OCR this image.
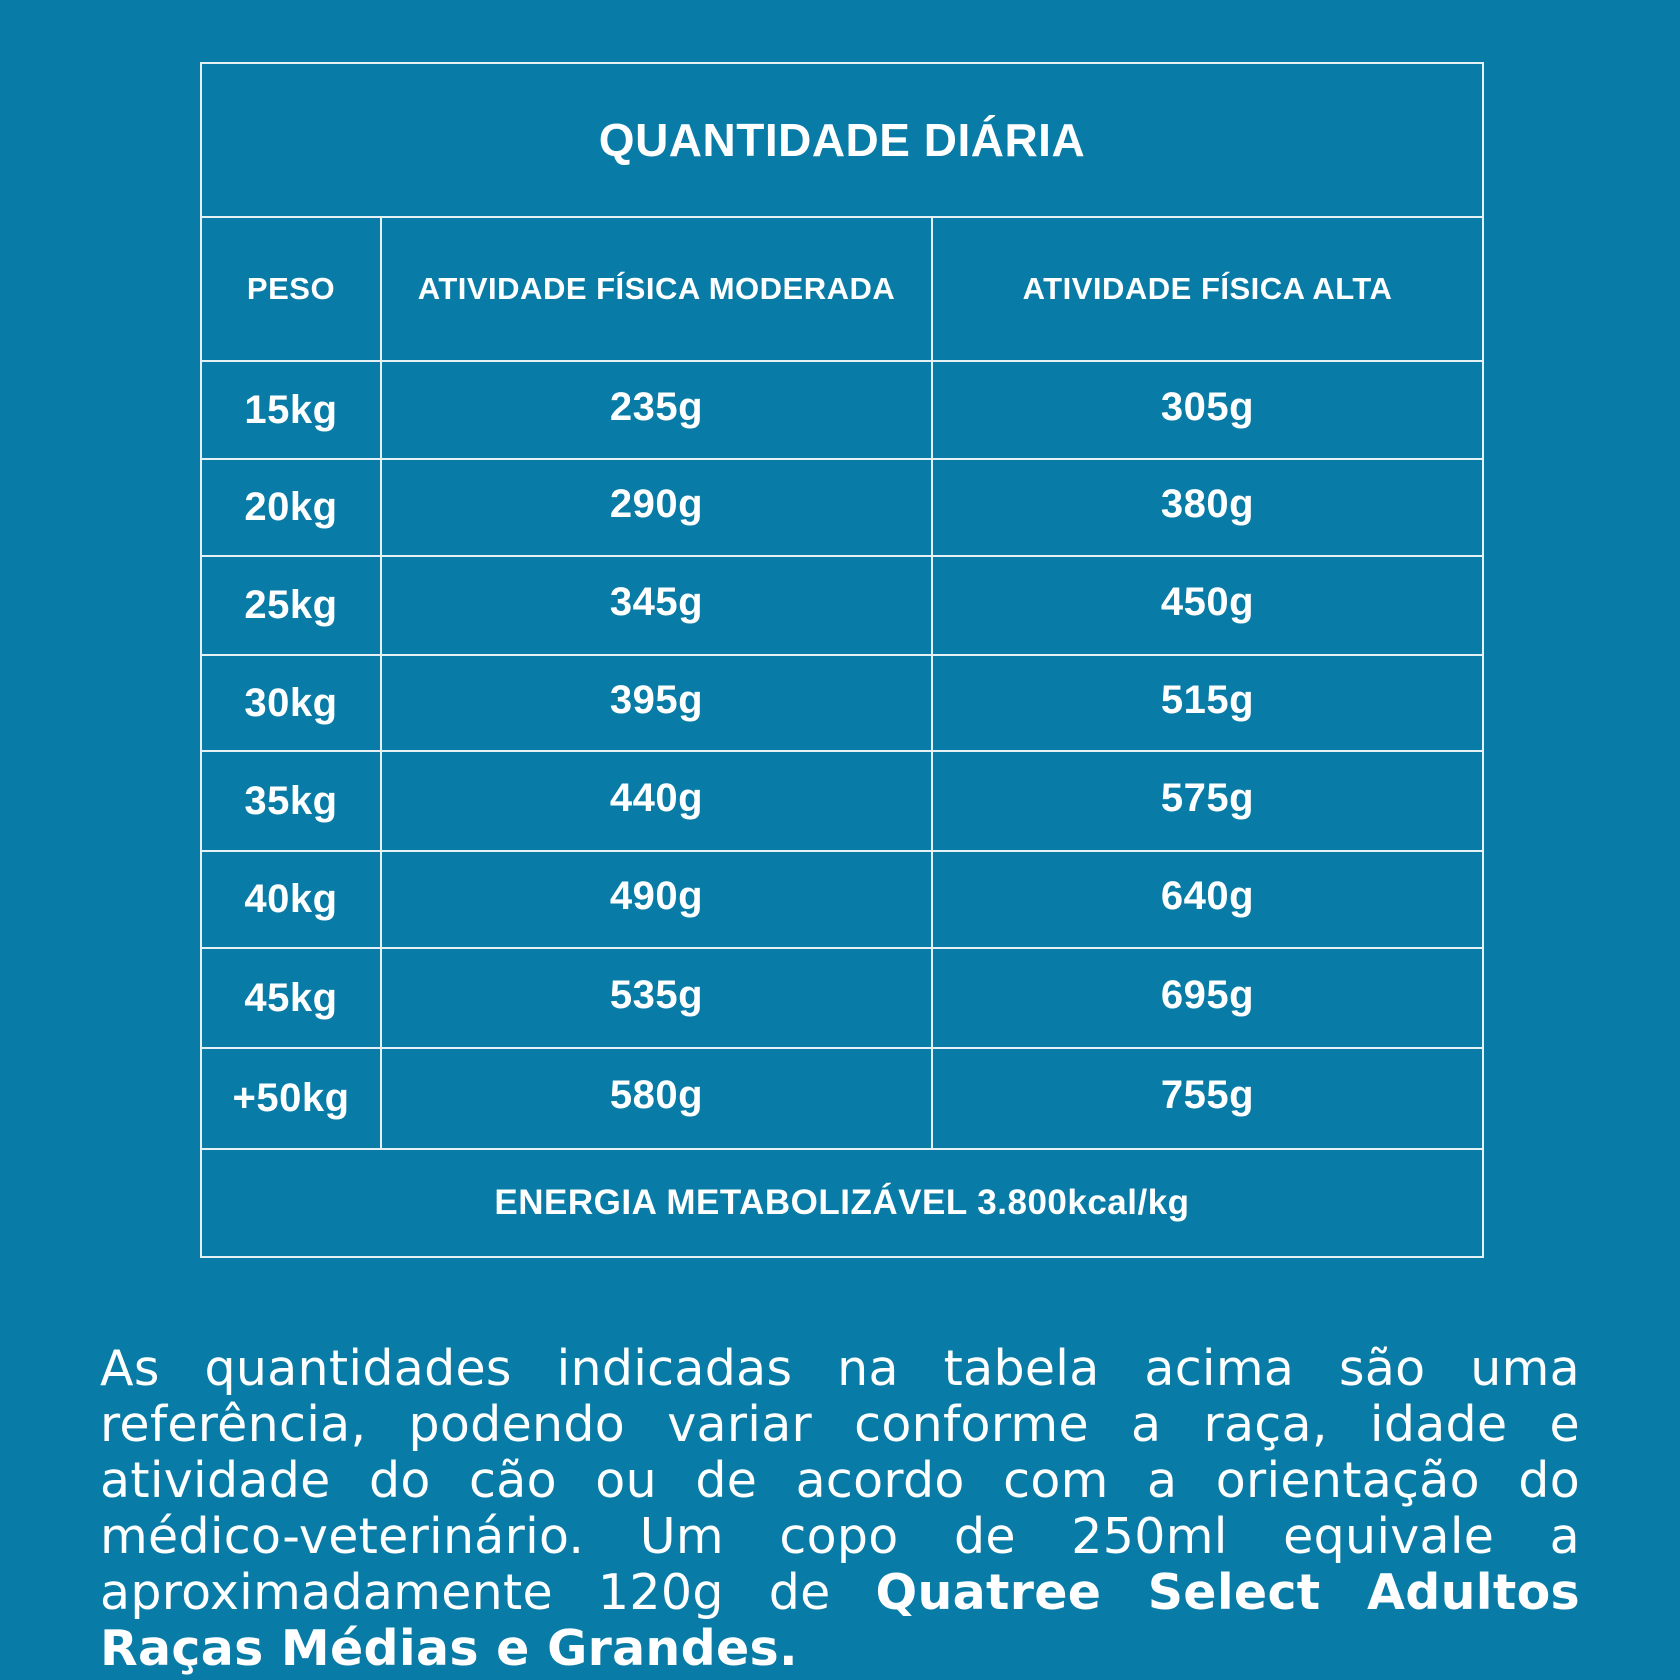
QUANTIDADE DIÁRIA
PESO	ATIVIDADE FÍSICA MODERADA	ATIVIDADE FÍSICA ALTA
15kg	235g	305g
20kg	290g	380g
25kg	345g	450g
30kg	395g	515g
35kg	440g	575g
40kg	490g	640g
45kg	535g	695g
+50kg	580g	755g
ENERGIA METABOLIZÁVEL 3.800kcal/kg

As quantidades indicadas na tabela acima são uma referência, podendo variar conforme a raça, idade e atividade do cão ou de acordo com a orientação do médico-veterinário. Um copo de 250ml equivale a aproximadamente 120g de Quatree Select Adultos Raças Médias e Grandes.
